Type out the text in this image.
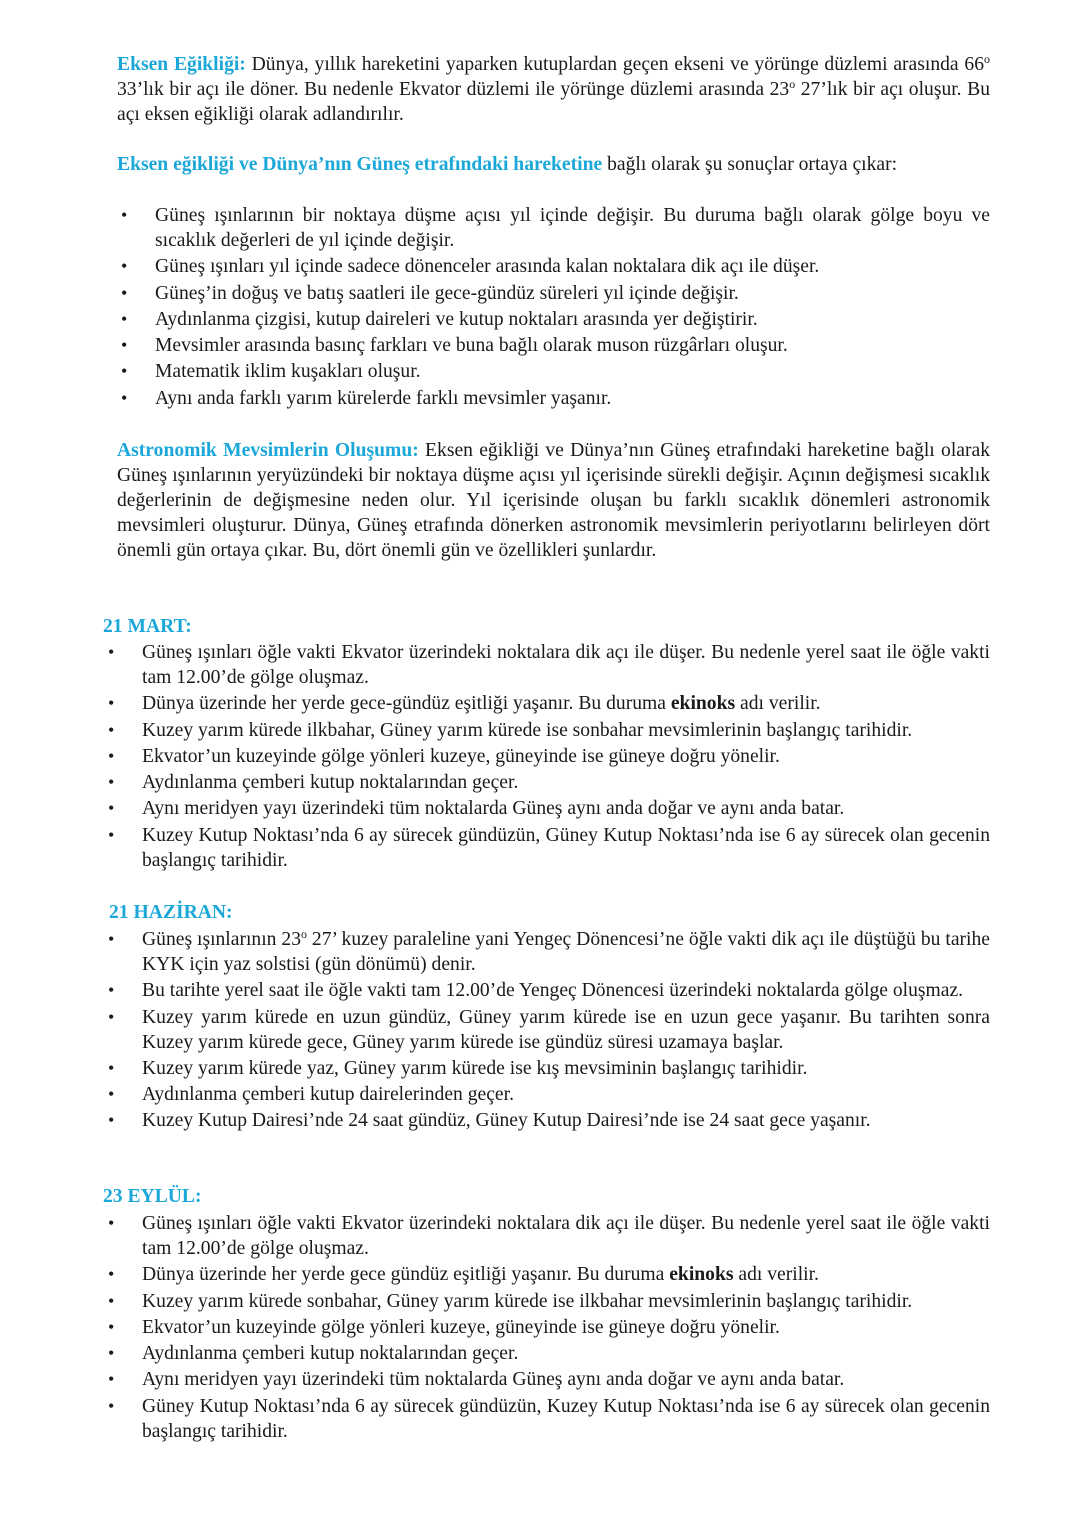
Eksen Eğikliği: Dünya, yıllık hareketini yaparken kutuplardan geçen ekseni ve yörünge düzlemi arasında 66$^o$ 33’lık bir açı ile döner. Bu nedenle Ekvator düzlemi ile yörünge düzlemi arasında 23$^o$ 27’lık bir açı oluşur. Bu açı eksen eğikliği olarak adlandırılır.
Eksen eğikliği ve Dünya’nın Güneş etrafındaki hareketine bağlı olarak şu sonuçlar ortaya çıkar:
• Güneş ışınlarının bir noktaya düşme açısı yıl içinde değişir. Bu duruma bağlı olarak gölge boyu ve sıcaklık değerleri de yıl içinde değişir.
• Güneş ışınları yıl içinde sadece dönenceler arasında kalan noktalara dik açı ile düşer.
• Güneş’in doğuş ve batış saatleri ile gece-gündüz süreleri yıl içinde değişir.
• Aydınlanma çizgisi, kutup daireleri ve kutup noktaları arasında yer değiştirir.
• Mevsimler arasında basınç farkları ve buna bağlı olarak muson rüzgârları oluşur.
• Matematik iklim kuşakları oluşur.
• Aynı anda farklı yarım kürelerde farklı mevsimler yaşanır.
Astronomik Mevsimlerin Oluşumu: Eksen eğikliği ve Dünya’nın Güneş etrafındaki hareketine bağlı olarak Güneş ışınlarının yeryüzündeki bir noktaya düşme açısı yıl içerisinde sürekli değişir. Açının değişmesi sıcaklık değerlerinin de değişmesine neden olur. Yıl içerisinde oluşan bu farklı sıcaklık dönemleri astronomik mevsimleri oluşturur. Dünya, Güneş etrafında dönerken astronomik mevsimlerin periyotlarını belirleyen dört önemli gün ortaya çıkar. Bu, dört önemli gün ve özellikleri şunlardır.
21 MART:
• Güneş ışınları öğle vakti Ekvator üzerindeki noktalara dik açı ile düşer. Bu nedenle yerel saat ile öğle vakti tam 12.00’de gölge oluşmaz.
• Dünya üzerinde her yerde gece-gündüz eşitliği yaşanır. Bu duruma ekinoks adı verilir.
• Kuzey yarım kürede ilkbahar, Güney yarım kürede ise sonbahar mevsimlerinin başlangıç tarihidir.
• Ekvator’un kuzeyinde gölge yönleri kuzeye, güneyinde ise güneye doğru yönelir.
• Aydınlanma çemberi kutup noktalarından geçer.
• Aynı meridyen yayı üzerindeki tüm noktalarda Güneş aynı anda doğar ve aynı anda batar.
• Kuzey Kutup Noktası’nda 6 ay sürecek gündüzün, Güney Kutup Noktası’nda ise 6 ay sürecek olan gecenin başlangıç tarihidir.
21 HAZİRAN:
• Güneş ışınlarının 23$^o$ 27’ kuzey paraleline yani Yengeç Dönencesi’ne öğle vakti dik açı ile düştüğü bu tarihe KYK için yaz solstisi (gün dönümü) denir.
• Bu tarihte yerel saat ile öğle vakti tam 12.00’de Yengeç Dönencesi üzerindeki noktalarda gölge oluşmaz.
• Kuzey yarım kürede en uzun gündüz, Güney yarım kürede ise en uzun gece yaşanır. Bu tarihten sonra Kuzey yarım kürede gece, Güney yarım kürede ise gündüz süresi uzamaya başlar.
• Kuzey yarım kürede yaz, Güney yarım kürede ise kış mevsiminin başlangıç tarihidir.
• Aydınlanma çemberi kutup dairelerinden geçer.
• Kuzey Kutup Dairesi’nde 24 saat gündüz, Güney Kutup Dairesi’nde ise 24 saat gece yaşanır.
23 EYLÜL:
• Güneş ışınları öğle vakti Ekvator üzerindeki noktalara dik açı ile düşer. Bu nedenle yerel saat ile öğle vakti tam 12.00’de gölge oluşmaz.
• Dünya üzerinde her yerde gece gündüz eşitliği yaşanır. Bu duruma ekinoks adı verilir.
• Kuzey yarım kürede sonbahar, Güney yarım kürede ise ilkbahar mevsimlerinin başlangıç tarihidir.
• Ekvator’un kuzeyinde gölge yönleri kuzeye, güneyinde ise güneye doğru yönelir.
• Aydınlanma çemberi kutup noktalarından geçer.
• Aynı meridyen yayı üzerindeki tüm noktalarda Güneş aynı anda doğar ve aynı anda batar.
• Güney Kutup Noktası’nda 6 ay sürecek gündüzün, Kuzey Kutup Noktası’nda ise 6 ay sürecek olan gecenin başlangıç tarihidir.
